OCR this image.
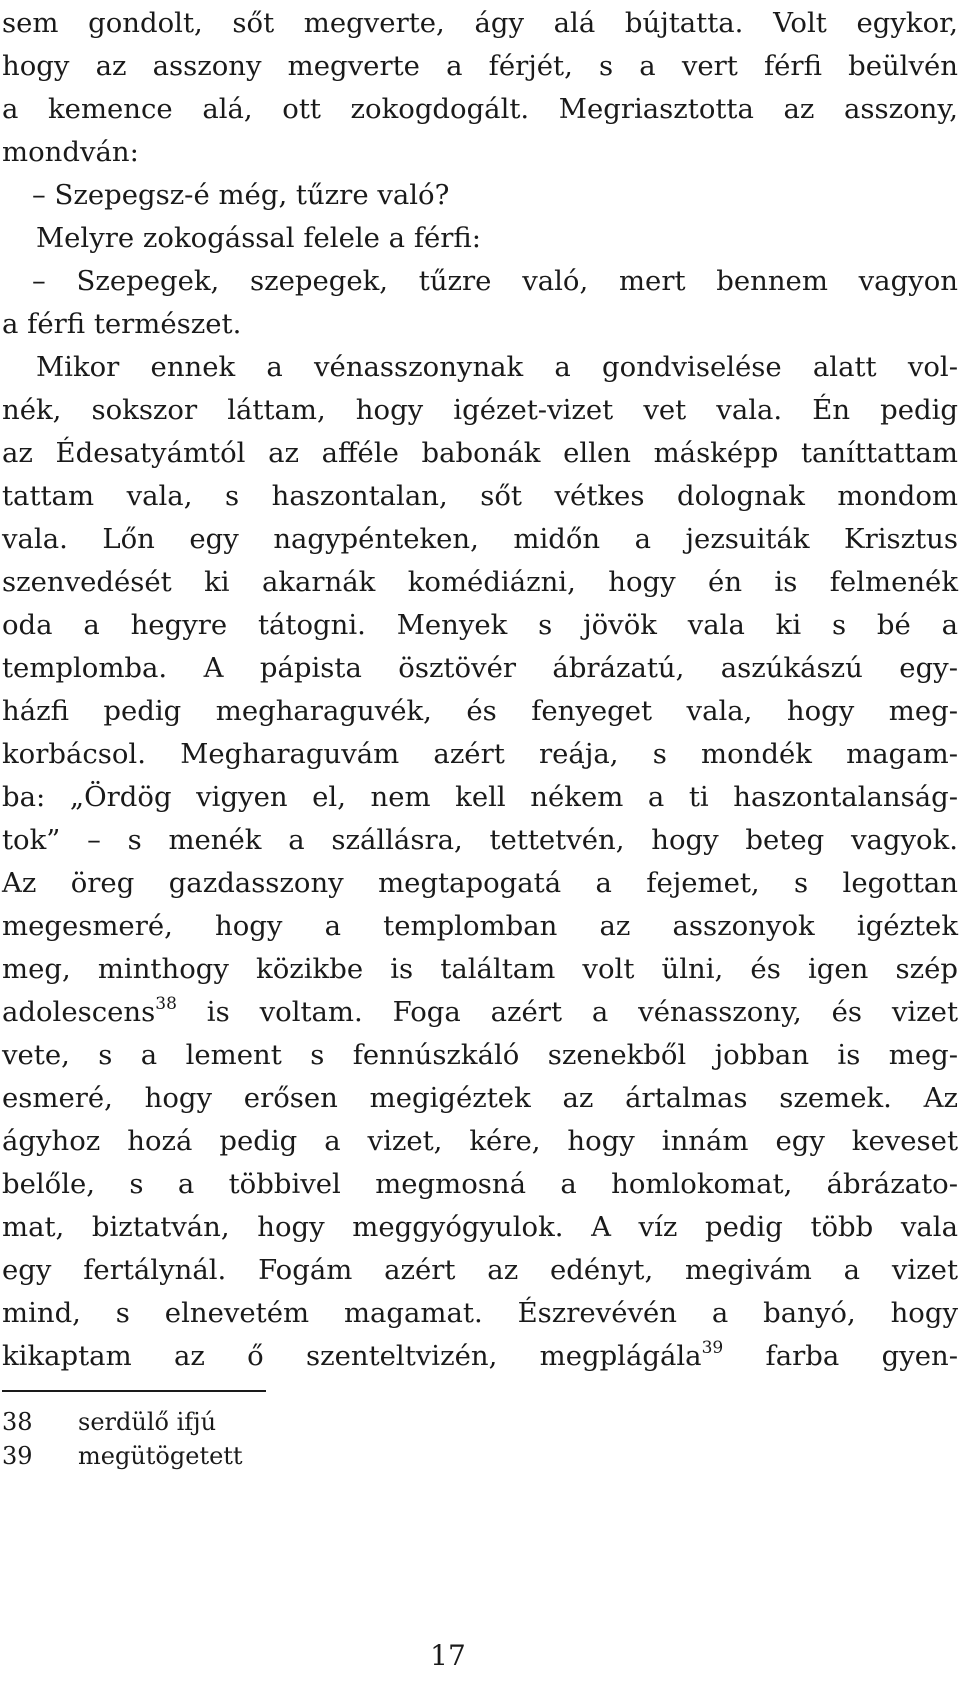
sem gondolt, sőt megverte, ágy alá bújtatta. Volt egykor,
hogy az asszony megverte a férjét, s a vert férfi beülvén
a kemence alá, ott zokogdogált. Megriasztotta az asszony,
mondván:
– Szepegsz-é még, tűzre való?
Melyre zokogással felele a férfi:
– Szepegek, szepegek, tűzre való, mert bennem vagyon
a férfi természet.
Mikor ennek a vénasszonynak a gondviselése alatt vol-
nék, sokszor láttam, hogy igézet-vizet vet vala. Én pedig
az Édesatyámtól az afféle babonák ellen másképp taníttattam
tattam vala, s haszontalan, sőt vétkes dolognak mondom
vala. Lőn egy nagypénteken, midőn a jezsuiták Krisztus
szenvedését ki akarnák komédiázni, hogy én is felmenék
oda a hegyre tátogni. Menyek s jövök vala ki s bé a
templomba. A pápista ösztövér ábrázatú, aszúkászú egy-
házfi pedig megharaguvék, és fenyeget vala, hogy meg-
korbácsol. Megharaguvám azért reája, s mondék magam-
ba: „Ördög vigyen el, nem kell nékem a ti haszontalanság-
tok” – s menék a szállásra, tettetvén, hogy beteg vagyok.
Az öreg gazdasszony megtapogatá a fejemet, s legottan
megesmeré, hogy a templomban az asszonyok igéztek
meg, minthogy közikbe is találtam volt ülni, és igen szép
adolescens$^{38}$ is voltam. Foga azért a vénasszony, és vizet
vete, s a lement s fennúszkáló szenekből jobban is meg-
esmeré, hogy erősen megigéztek az ártalmas szemek. Az
ágyhoz hozá pedig a vizet, kére, hogy innám egy keveset
belőle, s a többivel megmosná a homlokomat, ábrázato-
mat, biztatván, hogy meggyógyulok. A víz pedig több vala
egy fertálynál. Fogám azért az edényt, megivám a vizet
mind, s elnevetém magamat. Észrevévén a banyó, hogy
kikaptam az ő szenteltvizén, megplágála$^{39}$ farba gyen-
38 serdülő ifjú
39 megütögetett
17
